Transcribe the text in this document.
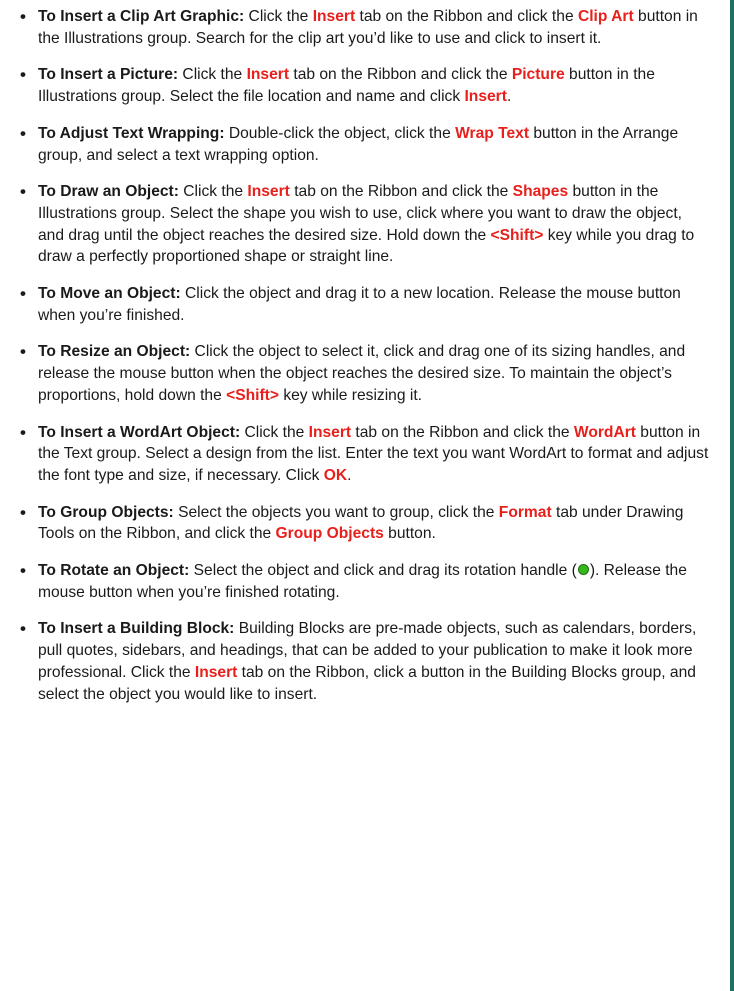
• To Insert a Clip Art Graphic: Click the Insert tab on the Ribbon and click the Clip Art button in the Illustrations group. Search for the clip art you’d like to use and click to insert it.
• To Insert a Picture: Click the Insert tab on the Ribbon and click the Picture button in the Illustrations group. Select the file location and name and click Insert.
• To Adjust Text Wrapping: Double-click the object, click the Wrap Text button in the Arrange group, and select a text wrapping option.
• To Draw an Object: Click the Insert tab on the Ribbon and click the Shapes button in the Illustrations group. Select the shape you wish to use, click where you want to draw the object, and drag until the object reaches the desired size. Hold down the <Shift> key while you drag to draw a perfectly proportioned shape or straight line.
• To Move an Object: Click the object and drag it to a new location. Release the mouse button when you’re finished.
• To Resize an Object: Click the object to select it, click and drag one of its sizing handles, and release the mouse button when the object reaches the desired size. To maintain the object’s proportions, hold down the <Shift> key while resizing it.
• To Insert a WordArt Object: Click the Insert tab on the Ribbon and click the WordArt button in the Text group. Select a design from the list. Enter the text you want WordArt to format and adjust the font type and size, if necessary. Click OK.
• To Group Objects: Select the objects you want to group, click the Format tab under Drawing Tools on the Ribbon, and click the Group Objects button.
• To Rotate an Object: Select the object and click and drag its rotation handle ( ). Release the mouse button when you’re finished rotating.
• To Insert a Building Block: Building Blocks are pre-made objects, such as calendars, borders, pull quotes, sidebars, and headings, that can be added to your publication to make it look more professional. Click the Insert tab on the Ribbon, click a button in the Building Blocks group, and select the object you would like to insert.
